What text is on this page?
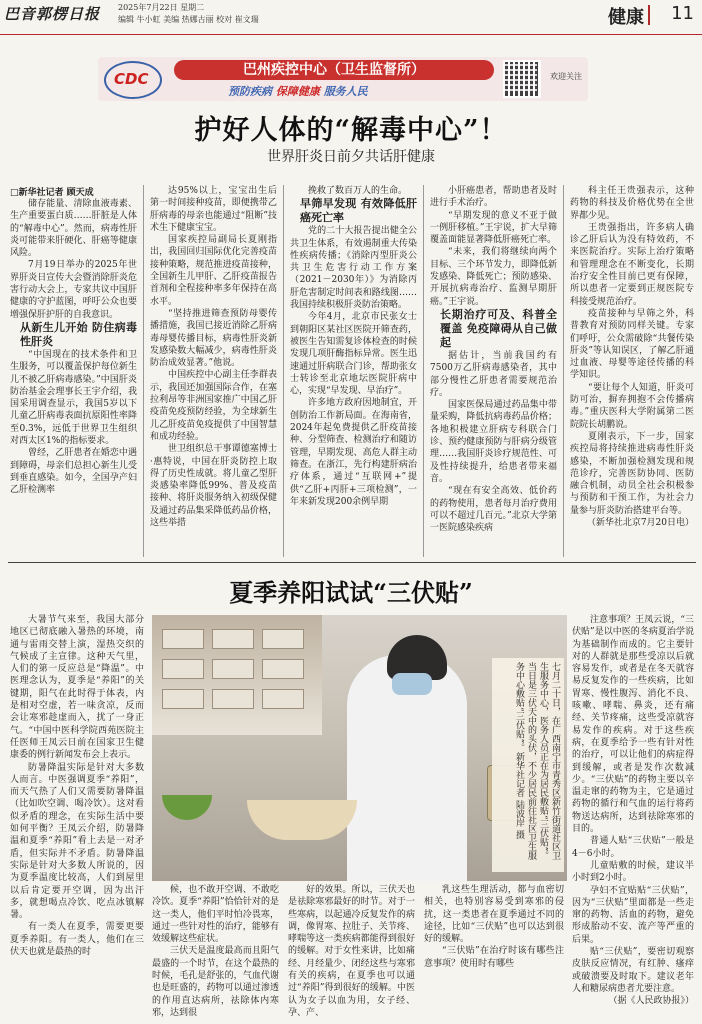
巴音郭楞日报 2025年7月22日 星期二
编辑 牛小虹 美编 热娜古丽 校对 崔文瑞	健康 11
CDC	巴州疾控中心（卫生监督所）
预防疾病 保障健康 服务人民
欢迎关注
护好人体的“解毒中心”！
世界肝炎日前夕共话肝健康
□新华社记者 顾天成

储存能量、清除血液毒素、生产重要蛋白质……肝脏是人体的“解毒中心”。然而，病毒性肝炎可能带来肝硬化、肝癌等健康风险。

7月19日举办的2025年世界肝炎日宣传大会暨消除肝炎危害行动大会上，专家共议中国肝健康的守护蓝图，呼吁公众也要增强保肝护肝的自我意识。

从新生儿开始 防住病毒性肝炎

“中国现在的技术条件和卫生服务，可以覆盖保护每位新生儿不被乙肝病毒感染。”中国肝炎防治基金会理事长王宇介绍，我国采用调查显示，我国5岁以下儿童乙肝病毒表面抗原阳性率降至0.3%，远低于世界卫生组织对西太区1%的指标要求。

曾经，乙肝患者在婚恋中遇到障碍，母亲们总担心新生儿受到垂直感染。如今，全国孕产妇乙肝检测率

达95%以上，宝宝出生后第一时间接种疫苗，即便携带乙肝病毒的母亲也能通过“阻断”技术生下健康宝宝。

国家疾控局副局长夏刚指出，我国回归国际优化完善疫苗接种策略，规范推进疫苗接种，全国新生儿甲肝、乙肝疫苗报告首剂和全程接种率多年保持在高水平。

“坚持推进筛查预防母婴传播措施，我国已接近消除乙肝病毒母婴传播目标，病毒性肝炎新发感染数大幅减少，病毒性肝炎防治成效显著。”他说。

中国疾控中心副主任李群表示，我国还加强国际合作，在塞拉利昂等非洲国家推广中国乙肝疫苗免疫预防经验，为全球新生儿乙肝疫苗免疫提供了中国智慧和成功经验。

世卫组织总干事谭德塞博士·惠特说，中国在肝炎防控上取得了历史性成就。将儿童乙型肝炎感染率降低99%、普及疫苗接种、将肝炎服务纳入初级保健及通过药品集采降低药品价格，这些举措

挽救了数百万人的生命。

早筛早发现 有效降低肝癌死亡率

党的二十大报告提出健全公共卫生体系，有效遏制重大传染性疾病传播；《消除丙型肝炎公共卫生危害行动工作方案（2021－2030年）》为消除丙肝危害制定时间表和路线图……我国持续积极肝炎防治策略。

今年4月，北京市民张女士到朝阳区某社区医院开筛查药，被医生告知需复诊体检查的时候发现几项肝酶指标异常。医生迅速通过肝病联合门诊，帮助张女士转诊至北京地坛医院肝病中心，实现“早发现、早治疗”。

许多地方政府因地制宜，开创防治工作新局面。在海南省，2024年起免费提供乙肝疫苗接种、分型筛查、检测治疗和随访管理，早期发现、高危人群主动筛查。在浙江，先行构建肝病治疗体系，通过“互联网+”提供“乙肝+丙肝+三项检测”，一年来新发现200余例早期

小肝癌患者，帮助患者及时进行手术治疗。

“早期发现的意义不亚于做一例肝移植。”王宇说，扩大早筛覆盖面能显著降低肝癌死亡率。

“未来，我们将继续向两个目标、三个环节发力，即降低新发感染、降低死亡；预防感染、开展抗病毒治疗、监测早期肝癌。”王宇说。

长期治疗可及、科普全覆盖 免疫障碍从自己做起

据估计，当前我国约有7500万乙肝病毒感染者，其中部分慢性乙肝患者需要规范治疗。

国家医保局通过药品集中带量采购，降低抗病毒药品价格；各地积极建立肝病专科联合门诊、预约健康预防与肝病分级管理……我国肝炎诊疗规范性、可及性持续提升，给患者带来福音。

“现在有安全高效、低价药的药物使用，患者每月治疗费用可以不超过几百元。”北京大学第一医院感染疾病

科主任王贵强表示，这种药物的科技及价格优势在全世界都少见。

王贵强指出，许多病人确诊乙肝后认为没有特效药，不来医院治疗。实际上治疗策略和管理理念在不断变化，长期治疗安全性目前已更有保障，所以患者一定要到正规医院专科接受规范治疗。

疫苗接种与早筛之外，科普教育对预防同样关键。专家们呼吁，公众需破除“共餐传染肝炎”等认知误区，了解乙肝通过血液、母婴等途径传播的科学知识。

“要让每个人知道，肝炎可防可治，摒弃拥抱不会传播病毒。”重庆医科大学附属第二医院院长胡鹏说。

夏刚表示，下一步，国家疾控局将持续推进病毒性肝炎感染，不断加强检测发现和规范诊疗，完善医防协同、医防融合机制，动员全社会积极参与预防和干预工作，为社会力量参与肝炎防治搭建平台等。

（新华社北京7月20日电）

夏季养阳试试“三伏贴”

大暑节气来至，我国大部分地区已彻底融入暑热的环境，南通与雷雨交替上演，湿热交织的气候成了主宣律。这种天气里，人们的第一反应总是“降温”。中医理念认为，夏季是“养阳”的关键期，阳气在此时得于体表，内是相对空虚，若一味贪凉，反而会让寒邪趁虚而入，扰了一身正气。“中国中医科学院西苑医院主任医师王凤云日前在国家卫生健康委的例行新闻发布会上表示。

防暑降温实际是针对大多数人而言。中医强调夏季“养阳”，而天气热了人们又需要防暑降温（比如吹空调、喝冷饮）。这对看似矛盾的理念，在实际生活中要如何平衡？王凤云介绍，防暑降温和夏季“养阳”看上去是一对矛盾，但实际并不矛盾。防暑降温实际是针对大多数人所说的，因为夏季温度比较高，人们到屋里以后肯定要开空调，因为出汗多，就想喝点冷饮、吃点冰镇解暑。

有一类人在夏季，需要更要夏季养阳。有一类人，他们在三伏天也就是最热的时

七月二十日，在广西南宁市青秀区新竹街道社区卫生服务中心，医务人员正在为居民敷贴“三伏贴”。当日是三伏天中的头伏，不少居民前往社区卫生服务中心敷贴“三伏贴”。新华社记者 陆波岸 摄

候，也不敢开空调、不敢吃冷饮。夏季“养阳”恰恰针对的是这一类人，他们平时怕冷畏寒，通过一些针对性的治疗，能够有效缓解这些症状。

三伏天是温度最高而且阳气最盛的一个时节，在这个最热的时候，毛孔是舒张的，气血代谢也是旺盛的，药物可以通过渗透的作用直达病所，祛除体内寒邪，达到很

好的效果。所以，三伏天也是祛除寒邪最好的时节。对于一些寒病，以起通冷反复发作的病调，像胃寒、拉肚子、关节疼、哮喘等这一类疾病都能得到很好的缓解。对于女性来讲，比如痛经、月经量少、闭经这些与寒邪有关的疾病，在夏季也可以通过“养阳”得到很好的缓解。中医认为女子以血为用，女子经、孕、产、

乳这些生理活动，都与血密切相关，也特别容易受到寒邪的侵扰，这一类患者在夏季通过不同的途径，比如“三伏贴”也可以达到很好的缓解。

“三伏贴”在治疗时该有哪些注意事项？使用时有哪些

注意事项？王凤云说，“三伏贴”是以中医的冬病夏治学说为基础制作而成的。它主要针对的人群就是那些受凉以后就容易发作，或者是在冬天就容易反复发作的一些疾病，比如胃寒、慢性腹泻、消化不良、咳嗽、哮喘、鼻炎，还有痛经、关节疼痛，这些受凉就容易发作的疾病。对于这些疾病，在夏季给予一些有针对性的治疗，可以让他们的病症得到缓解，或者是发作次数减少。“三伏贴”的药物主要以辛温走窜的药物为主，它是通过药物的循行和气血的运行将药物送达病所，达到祛除寒邪的目的。

普通人贴“三伏贴”一般是4－6小时。

儿童贴敷的时候，建议半小时到2小时。

孕妇不宜贴贴“三伏贴”，因为“三伏贴”里面都是一些走窜的药物、活血的药物，避免形成胎动不安、流产等严重的后果。

贴“三伏贴”，要密切观察皮肤反应情况，有红肿、瘙痒或破溃要及时取下。建议老年人和糖尿病患者尤要注意。

（据《人民政协报》）
